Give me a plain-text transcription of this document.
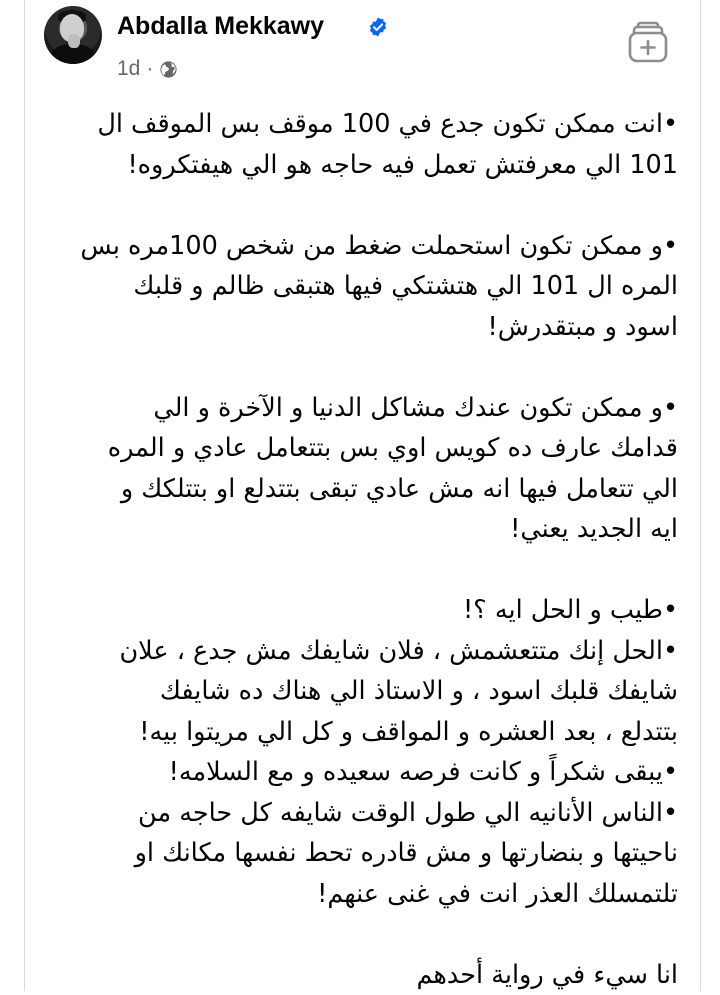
Abdalla Mekkawy
1d ·
•انت ممكن تكون جدع في 100 موقف بس الموقف ال
101 الي معرفتش تعمل فيه حاجه هو الي هيفتكروه!
•و ممكن تكون استحملت ضغط من شخص 100مره بس
المره ال 101 الي هتشتكي فيها هتبقى ظالم و قلبك
اسود و مبتقدرش!
•و ممكن تكون عندك مشاكل الدنيا و الآخرة و الي
قدامك عارف ده كويس اوي بس بتتعامل عادي و المره
الي تتعامل فيها انه مش عادي تبقى بتتدلع او بتتلكك و
ايه الجديد يعني!
•طيب و الحل ايه ؟!
•الحل إنك متتعشمش ، فلان شايفك مش جدع ، علان
شايفك قلبك اسود ، و الاستاذ الي هناك ده شايفك
بتتدلع ، بعد العشره و المواقف و كل الي مريتوا بيه!
•يبقى شكراً و كانت فرصه سعيده و مع السلامه!
•الناس الأنانيه الي طول الوقت شايفه كل حاجه من
ناحيتها و بنضارتها و مش قادره تحط نفسها مكانك او
تلتمسلك العذر انت في غنى عنهم!
انا سيء في رواية أحدهم
